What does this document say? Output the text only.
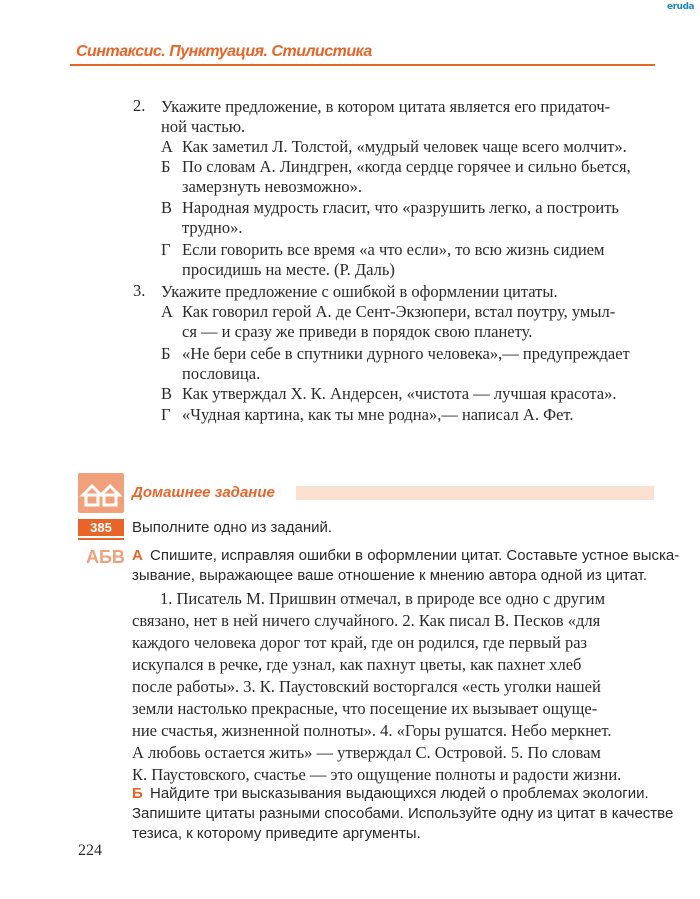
eruda
Синтаксис. Пунктуация. Стилистика
2. Укажите предложение, в котором цитата является его придаточ-
ной частью.
А Как заметил Л. Толстой, «мудрый человек чаще всего молчит».
Б По словам А. Линдгрен, «когда сердце горячее и сильно бьется,
замерзнуть невозможно».
В Народная мудрость гласит, что «разрушить легко, а построить
трудно».
Г Если говорить все время «а что если», то всю жизнь сидием
просидишь на месте. (Р. Даль)
3. Укажите предложение с ошибкой в оформлении цитаты.
А Как говорил герой А. де Сент-Экзюпери, встал поутру, умыл-
ся — и сразу же приведи в порядок свою планету.
Б «Не бери себе в спутники дурного человека»,— предупреждает
пословица.
В Как утверждал Х. К. Андерсен, «чистота — лучшая красота».
Г «Чудная картина, как ты мне родна»,— написал А. Фет.
Домашнее задание
385	Выполните одно из заданий.
АБВ А Спишите, исправляя ошибки в оформлении цитат. Составьте устное выска-
зывание, выражающее ваше отношение к мнению автора одной из цитат.
1. Писатель М. Пришвин отмечал, в природе все одно с другим
связано, нет в ней ничего случайного. 2. Как писал В. Песков «для
каждого человека дорог тот край, где он родился, где первый раз
искупался в речке, где узнал, как пахнут цветы, как пахнет хлеб
после работы». 3. К. Паустовский восторгался «есть уголки нашей
земли настолько прекрасные, что посещение их вызывает ощуще-
ние счастья, жизненной полноты». 4. «Горы рушатся. Небо меркнет.
А любовь остается жить» — утверждал С. Островой. 5. По словам
К. Паустовского, счастье — это ощущение полноты и радости жизни.
Б Найдите три высказывания выдающихся людей о проблемах экологии.
Запишите цитаты разными способами. Используйте одну из цитат в качестве
тезиса, к которому приведите аргументы.
224
